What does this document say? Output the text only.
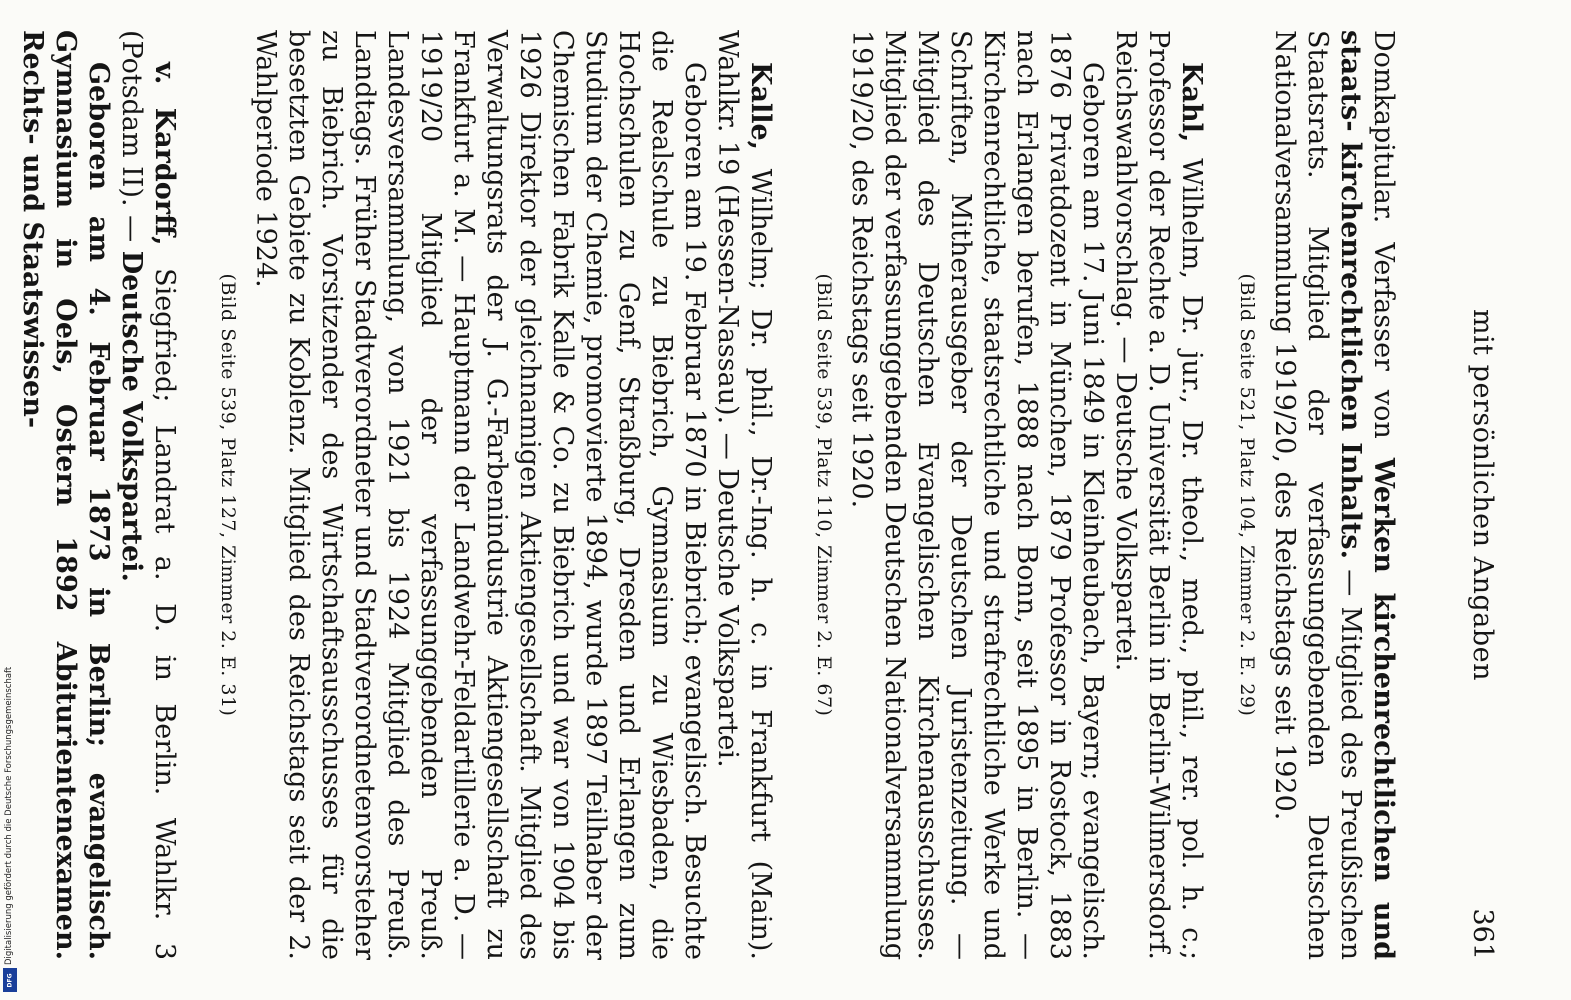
mit persönlichen Angaben
361

Domkapitular. Verfasser von Werken kirchenrechtlichen und staats- kirchenrechtlichen Inhalts. — Mitglied des Preußischen Staatsrats. Mitglied der verfassunggebenden Deutschen Nationalversammlung 1919/20, des Reichstags seit 1920.

(Bild Seite 521, Platz 104, Zimmer 2. E. 29)

Kahl, Wilhelm, Dr. jur., Dr. theol., med., phil., rer. pol. h. c.; Professor der Rechte a. D. Universität Berlin in Berlin-Wilmersdorf. Reichswahlvorschlag. — Deutsche Volkspartei.

Geboren am 17. Juni 1849 in Kleinheubach, Bayern; evangelisch. 1876 Privatdozent in München, 1879 Professor in Rostock, 1883 nach Erlangen berufen, 1888 nach Bonn, seit 1895 in Berlin. — Kirchenrechtliche, staatsrechtliche und strafrechtliche Werke und Schriften, Mitherausgeber der Deutschen Juristenzeitung. — Mitglied des Deutschen Evangelischen Kirchenausschusses. Mitglied der verfassunggebenden Deutschen Nationalversammlung 1919/20, des Reichstags seit 1920.

(Bild Seite 539, Platz 110, Zimmer 2. E. 67)

Kalle, Wilhelm; Dr. phil., Dr.-Ing. h. c. in Frankfurt (Main). Wahlkr. 19 (Hessen-Nassau). — Deutsche Volkspartei.

Geboren am 19. Februar 1870 in Biebrich; evangelisch. Besuchte die Realschule zu Biebrich, Gymnasium zu Wiesbaden, die Hochschulen zu Genf, Straßburg, Dresden und Erlangen zum Studium der Chemie, promovierte 1894, wurde 1897 Teilhaber der Chemischen Fabrik Kalle & Co. zu Biebrich und war von 1904 bis 1926 Direktor der gleichnamigen Aktiengesellschaft. Mitglied des Verwaltungsrats der J. G.-Farbenindustrie Aktiengesellschaft zu Frankfurt a. M. — Hauptmann der Landwehr-Feldartillerie a. D. — 1919/20 Mitglied der verfassunggebenden Preuß. Landesversammlung, von 1921 bis 1924 Mitglied des Preuß. Landtags. Früher Stadtverordneter und Stadtverordnetenvorsteher zu Biebrich. Vorsitzender des Wirtschaftsausschusses für die besetzten Gebiete zu Koblenz. Mitglied des Reichstags seit der 2. Wahlperiode 1924.

(Bild Seite 539, Platz 127, Zimmer 2. E. 31)

v. Kardorff, Siegfried; Landrat a. D. in Berlin. Wahlkr. 3 (Potsdam II). — Deutsche Volkspartei.

Geboren am 4. Februar 1873 in Berlin; evangelisch. Gymnasium in Oels, Ostern 1892 Abiturientenexamen. Rechts- und Staatswissen-

Digitalisierung gefördert durch die Deutsche Forschungsgemeinschaft
DFG
